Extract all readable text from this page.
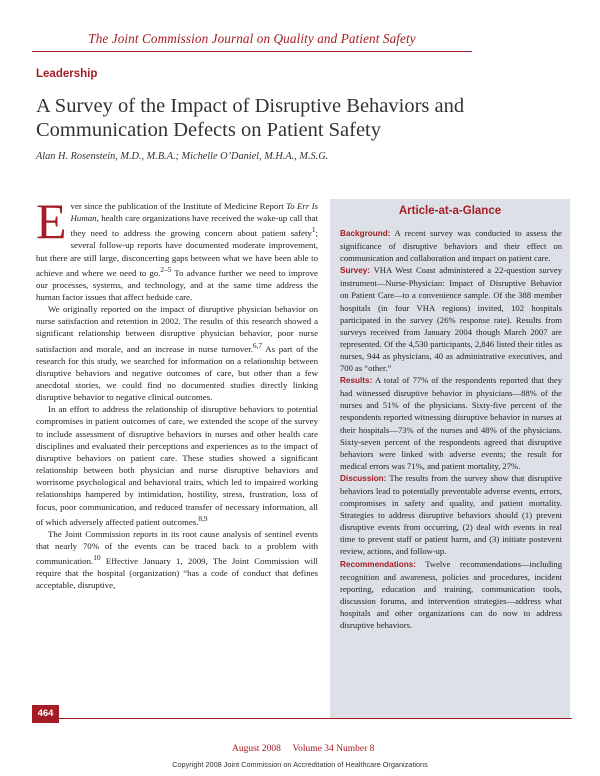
The Joint Commission Journal on Quality and Patient Safety
Leadership
A Survey of the Impact of Disruptive Behaviors and Communication Defects on Patient Safety
Alan H. Rosenstein, M.D., M.B.A.; Michelle O’Daniel, M.H.A., M.S.G.

Ever since the publication of the Institute of Medicine Report To Err Is Human, health care organizations have received the wake-up call that they need to address the growing concern about patient safety$^1$; several follow-up reports have documented moderate improvement, but there are still large, disconcerting gaps between what we have been able to achieve and where we need to go.$^{2-5}$ To advance further we need to improve our processes, systems, and technology, and at the same time address the human factor issues that affect bedside care.

We originally reported on the impact of disruptive physician behavior on nurse satisfaction and retention in 2002. The results of this research showed a significant relationship between disruptive physician behavior, poor nurse satisfaction and morale, and an increase in nurse turnover.$^{6,7}$ As part of the research for this study, we searched for information on a relationship between disruptive behaviors and negative outcomes of care, but other than a few anecdotal stories, we could find no documented studies directly linking disruptive behavior to negative clinical outcomes.

In an effort to address the relationship of disruptive behaviors to potential compromises in patient outcomes of care, we extended the scope of the survey to include assessment of disruptive behaviors in nurses and other health care disciplines and evaluated their perceptions and experiences as to the impact of disruptive behaviors on patient care. These studies showed a significant relationship between both physician and nurse disruptive behaviors and worrisome psychological and behavioral traits, which led to impaired working relationships hampered by intimidation, hostility, stress, frustration, loss of focus, poor communication, and reduced transfer of necessary information, all of which adversely affected patient outcomes.$^{8,9}$

The Joint Commission reports in its root cause analysis of sentinel events that nearly 70% of the events can be traced back to a problem with communication.$^{10}$ Effective January 1, 2009, The Joint Commission will require that the hospital (organization) “has a code of conduct that defines acceptable, disruptive,

Article-at-a-Glance

Background: A recent survey was conducted to assess the significance of disruptive behaviors and their effect on communication and collaboration and impact on patient care.

Survey: VHA West Coast administered a 22-question survey instrument—Nurse-Physician: Impact of Disruptive Behavior on Patient Care—to a convenience sample. Of the 388 member hospitals (in four VHA regions) invited, 102 hospitals participated in the survey (26% response rate). Results from surveys received from January 2004 though March 2007 are represented. Of the 4,530 participants, 2,846 listed their titles as nurses, 944 as physicians, 40 as administrative executives, and 700 as “other.”

Results: A total of 77% of the respondents reported that they had witnessed disruptive behavior in physicians—88% of the nurses and 51% of the physicians. Sixty-five percent of the respondents reported witnessing disruptive behavior in nurses at their hospitals—73% of the nurses and 48% of the physicians. Sixty-seven percent of the respondents agreed that disruptive behaviors were linked with adverse events; the result for medical errors was 71%, and patient mortality, 27%.

Discussion: The results from the survey show that disruptive behaviors lead to potentially preventable adverse events, errors, compromises in safety and quality, and patient mortality. Strategies to address disruptive behaviors should (1) prevent disruptive events from occurring, (2) deal with events in real time to prevent staff or patient harm, and (3) initiate postevent review, actions, and follow-up.

Recommendations: Twelve recommendations—including recognition and awareness, policies and procedures, incident reporting, education and training, communication tools, discussion forums, and intervention strategies—address what hospitals and other organizations can do now to address disruptive behaviors.

464
August 2008     Volume 34 Number 8
Copyright 2008 Joint Commission on Accreditation of Healthcare Organizations
